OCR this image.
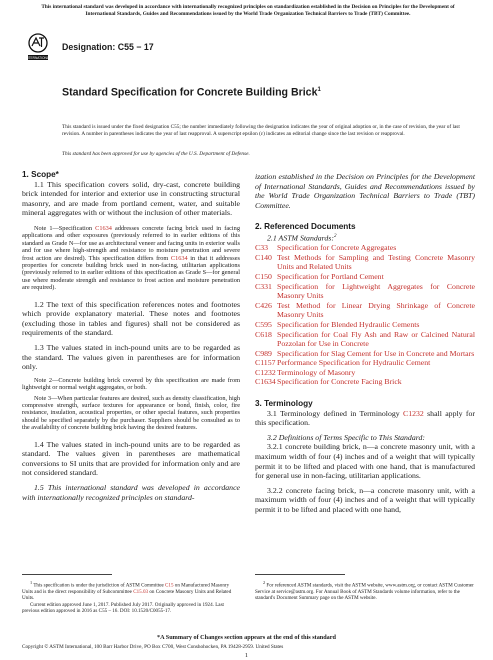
This international standard was developed in accordance with internationally recognized principles on standardization established in the Decision on Principles for the Development of International Standards, Guides and Recommendations issued by the World Trade Organization Technical Barriers to Trade (TBT) Committee.
INTERNATIONAL
Designation: C55 − 17
Standard Specification for Concrete Building Brick$^1$
This standard is issued under the fixed designation C55; the number immediately following the designation indicates the year of original adoption or, in the case of revision, the year of last revision. A number in parentheses indicates the year of last reapproval. A superscript epsilon (ε) indicates an editorial change since the last revision or reapproval.
This standard has been approved for use by agencies of the U.S. Department of Defense.

1. Scope*

1.1 This specification covers solid, dry-cast, concrete building brick intended for interior and exterior use in constructing structural masonry, and are made from portland cement, water, and suitable mineral aggregates with or without the inclusion of other materials.

Note 1—Specification C1634 addresses concrete facing brick used in facing applications and other exposures (previously referred to in earlier editions of this standard as Grade N—for use as architectural veneer and facing units in exterior walls and for use where high-strength and resistance to moisture penetration and severe frost action are desired). This specification differs from C1634 in that it addresses properties for concrete building brick used in non-facing, utilitarian applications (previously referred to in earlier editions of this specification as Grade S—for general use where moderate strength and resistance to frost action and moisture penetration are required).

1.2 The text of this specification references notes and footnotes which provide explanatory material. These notes and footnotes (excluding those in tables and figures) shall not be considered as requirements of the standard.

1.3 The values stated in inch-pound units are to be regarded as the standard. The values given in parentheses are for information only.

Note 2—Concrete building brick covered by this specification are made from lightweight or normal weight aggregates, or both.

Note 3—When particular features are desired, such as density classification, high compressive strength, surface textures for appearance or bond, finish, color, fire resistance, insulation, acoustical properties, or other special features, such properties should be specified separately by the purchaser. Suppliers should be consulted as to the availability of concrete building brick having the desired features.

1.4 The values stated in inch-pound units are to be regarded as standard. The values given in parentheses are mathematical conversions to SI units that are provided for information only and are not considered standard.

1.5 This international standard was developed in accordance with internationally recognized principles on standard-

ization established in the Decision on Principles for the Development of International Standards, Guides and Recommendations issued by the World Trade Organization Technical Barriers to Trade (TBT) Committee.

2. Referenced Documents

2.1 ASTM Standards:$^2$

C33	Specification for Concrete Aggregates
C140 Test Methods for Sampling and Testing Concrete Masonry Units and Related Units
C150 Specification for Portland Cement
C331 Specification for Lightweight Aggregates for Concrete Masonry Units
C426 Test Method for Linear Drying Shrinkage of Concrete Masonry Units
C595 Specification for Blended Hydraulic Cements
C618 Specification for Coal Fly Ash and Raw or Calcined Natural Pozzolan for Use in Concrete
C989 Specification for Slag Cement for Use in Concrete and Mortars
C1157 Performance Specification for Hydraulic Cement
C1232 Terminology of Masonry
C1634 Specification for Concrete Facing Brick

3. Terminology

3.1 Terminology defined in Terminology C1232 shall apply for this specification.

3.2 Definitions of Terms Specific to This Standard:

3.2.1 concrete building brick, n—a concrete masonry unit, with a maximum width of four (4) inches and of a weight that will typically permit it to be lifted and placed with one hand, that is manufactured for general use in non-facing, utilitarian applications.

3.2.2 concrete facing brick, n—a concrete masonry unit, with a maximum width of four (4) inches and of a weight that will typically permit it to be lifted and placed with one hand,

$^1$ This specification is under the jurisdiction of ASTM Committee C15 on Manufactured Masonry Units and is the direct responsibility of Subcommittee C15.03 on Concrete Masonry Units and Related Units.
Current edition approved June 1, 2017. Published July 2017. Originally approved in 1924. Last previous edition approved in 2016 as C55 – 16. DOI: 10.1520/C0055-17.
$^2$ For referenced ASTM standards, visit the ASTM website, www.astm.org, or contact ASTM Customer Service at service@astm.org. For Annual Book of ASTM Standards volume information, refer to the standard's Document Summary page on the ASTM website.
*A Summary of Changes section appears at the end of this standard
Copyright © ASTM International, 100 Barr Harbor Drive, PO Box C700, West Conshohocken, PA 19428-2959. United States
1
